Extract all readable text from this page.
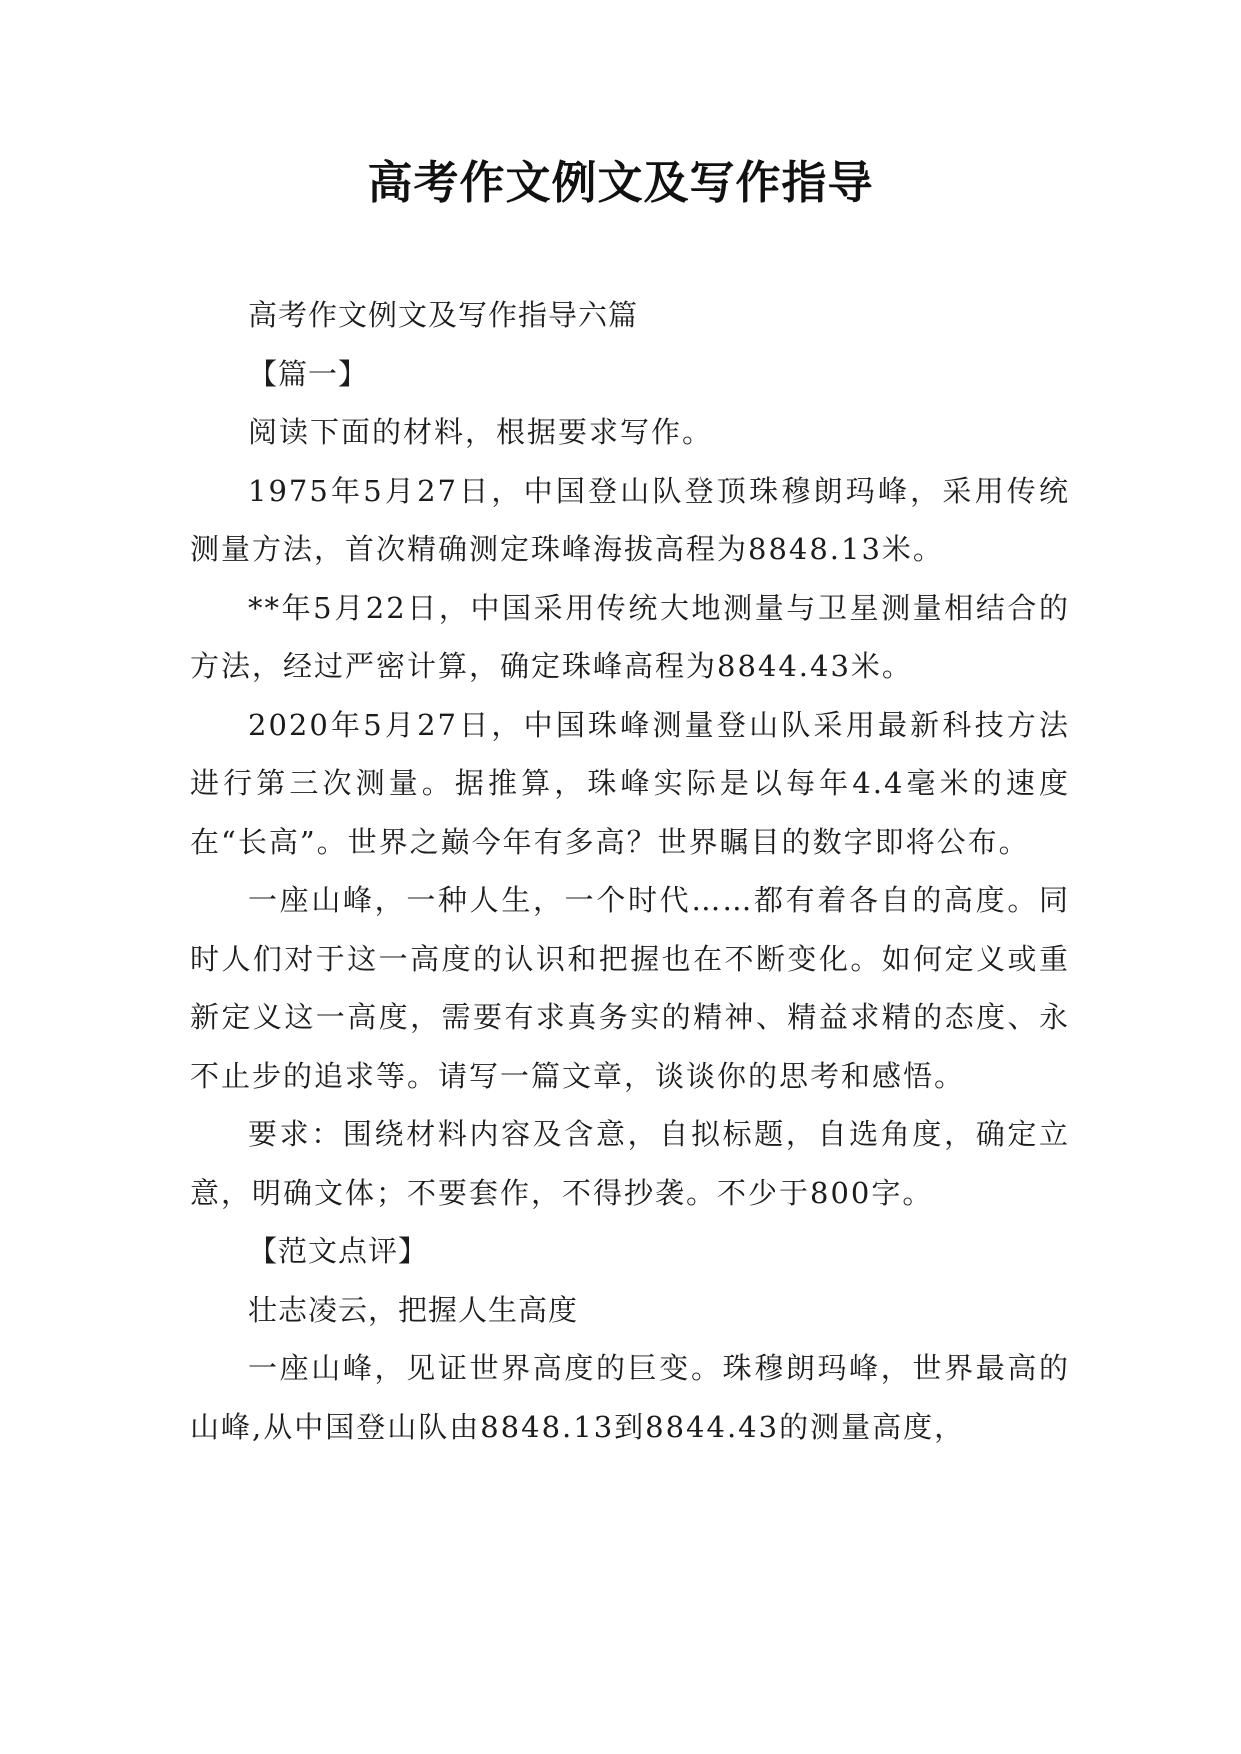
高考作文例文及写作指导

高考作文例文及写作指导六篇

【篇一】

阅读下面的材料，根据要求写作。

1975年5月27日，中国登山队登顶珠穆朗玛峰，采用传统测量方法，首次精确测定珠峰海拔高程为8848.13米。

**年5月22日，中国采用传统大地测量与卫星测量相结合的方法，经过严密计算，确定珠峰高程为8844.43米。

2020年5月27日，中国珠峰测量登山队采用最新科技方法进行第三次测量。据推算，珠峰实际是以每年4.4毫米的速度在“长高”。世界之巅今年有多高？世界瞩目的数字即将公布。

一座山峰，一种人生，一个时代……都有着各自的高度。同时人们对于这一高度的认识和把握也在不断变化。如何定义或重新定义这一高度，需要有求真务实的精神、精益求精的态度、永不止步的追求等。请写一篇文章，谈谈你的思考和感悟。

要求：围绕材料内容及含意，自拟标题，自选角度，确定立意，明确文体；不要套作，不得抄袭。不少于800字。

【范文点评】

壮志凌云，把握人生高度

一座山峰，见证世界高度的巨变。珠穆朗玛峰，世界最高的山峰,从中国登山队由8848.13到8844.43的测量高度，
